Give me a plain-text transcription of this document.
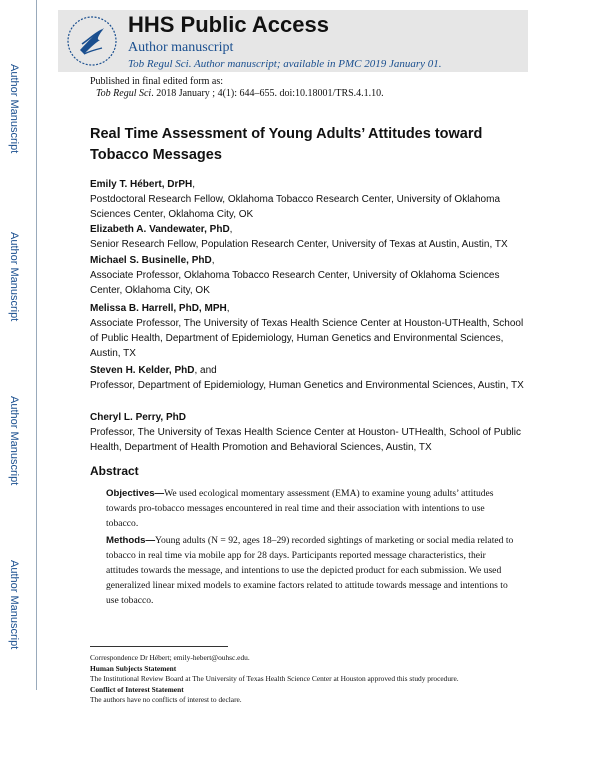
Author Manuscript
Author Manuscript
Author Manuscript
Author Manuscript
HHS Public Access
Author manuscript
Tob Regul Sci. Author manuscript; available in PMC 2019 January 01.
Published in final edited form as:
Tob Regul Sci. 2018 January ; 4(1): 644–655. doi:10.18001/TRS.4.1.10.
Real Time Assessment of Young Adults’ Attitudes toward Tobacco Messages
Emily T. Hébert, DrPH,
Postdoctoral Research Fellow, Oklahoma Tobacco Research Center, University of Oklahoma Sciences Center, Oklahoma City, OK
Elizabeth A. Vandewater, PhD,
Senior Research Fellow, Population Research Center, University of Texas at Austin, Austin, TX
Michael S. Businelle, PhD,
Associate Professor, Oklahoma Tobacco Research Center, University of Oklahoma Sciences Center, Oklahoma City, OK
Melissa B. Harrell, PhD, MPH,
Associate Professor, The University of Texas Health Science Center at Houston-UTHealth, School of Public Health, Department of Epidemiology, Human Genetics and Environmental Sciences, Austin, TX
Steven H. Kelder, PhD, and
Professor, Department of Epidemiology, Human Genetics and Environmental Sciences, Austin, TX
Cheryl L. Perry, PhD
Professor, The University of Texas Health Science Center at Houston- UTHealth, School of Public Health, Department of Health Promotion and Behavioral Sciences, Austin, TX
Abstract
Objectives—We used ecological momentary assessment (EMA) to examine young adults’ attitudes towards pro-tobacco messages encountered in real time and their association with intentions to use tobacco.
Methods—Young adults (N = 92, ages 18–29) recorded sightings of marketing or social media related to tobacco in real time via mobile app for 28 days. Participants reported message characteristics, their attitudes towards the message, and intentions to use the depicted product for each submission. We used generalized linear mixed models to examine factors related to attitude towards message and intentions to use tobacco.
Correspondence Dr Hébert; emily-hebert@ouhsc.edu.
Human Subjects Statement
The Institutional Review Board at The University of Texas Health Science Center at Houston approved this study procedure.
Conflict of Interest Statement
The authors have no conflicts of interest to declare.
